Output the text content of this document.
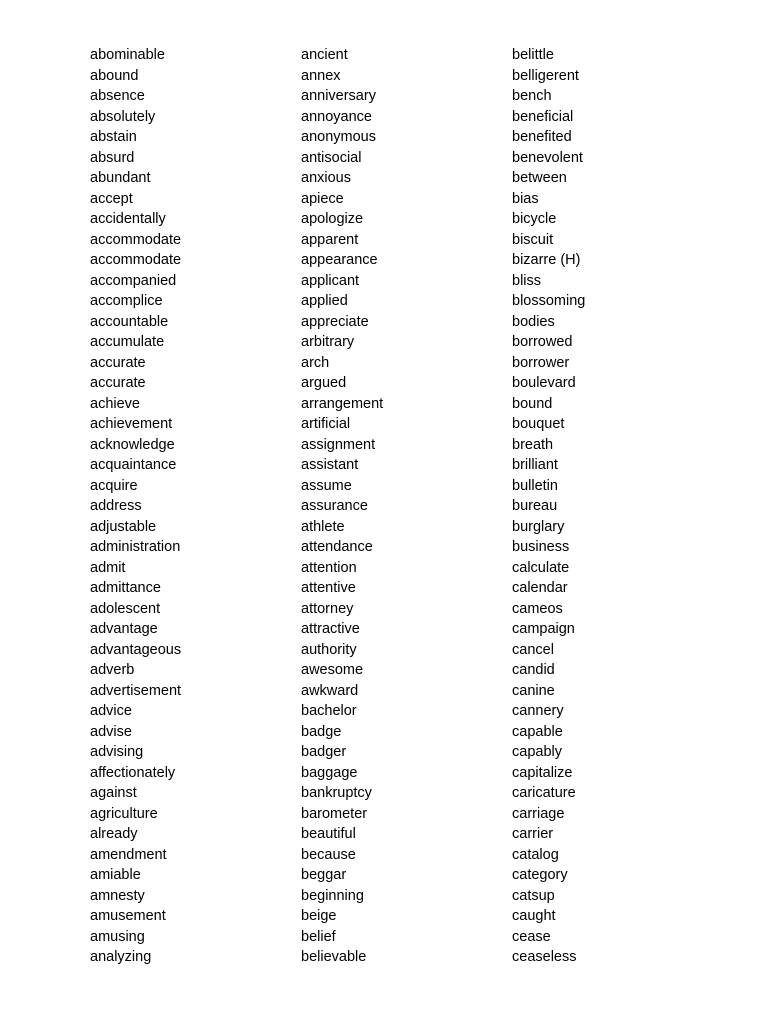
abominable
abound
absence
absolutely
abstain
absurd
abundant
accept
accidentally
accommodate
accommodate
accompanied
accomplice
accountable
accumulate
accurate
accurate
achieve
achievement
acknowledge
acquaintance
acquire
address
adjustable
administration
admit
admittance
adolescent
advantage
advantageous
adverb
advertisement
advice
advise
advising
affectionately
against
agriculture
already
amendment
amiable
amnesty
amusement
amusing
analyzing
ancient
annex
anniversary
annoyance
anonymous
antisocial
anxious
apiece
apologize
apparent
appearance
applicant
applied
appreciate
arbitrary
arch
argued
arrangement
artificial
assignment
assistant
assume
assurance
athlete
attendance
attention
attentive
attorney
attractive
authority
awesome
awkward
bachelor
badge
badger
baggage
bankruptcy
barometer
beautiful
because
beggar
beginning
beige
belief
believable
belittle
belligerent
bench
beneficial
benefited
benevolent
between
bias
bicycle
biscuit
bizarre (H)
bliss
blossoming
bodies
borrowed
borrower
boulevard
bound
bouquet
breath
brilliant
bulletin
bureau
burglary
business
calculate
calendar
cameos
campaign
cancel
candid
canine
cannery
capable
capably
capitalize
caricature
carriage
carrier
catalog
category
catsup
caught
cease
ceaseless
